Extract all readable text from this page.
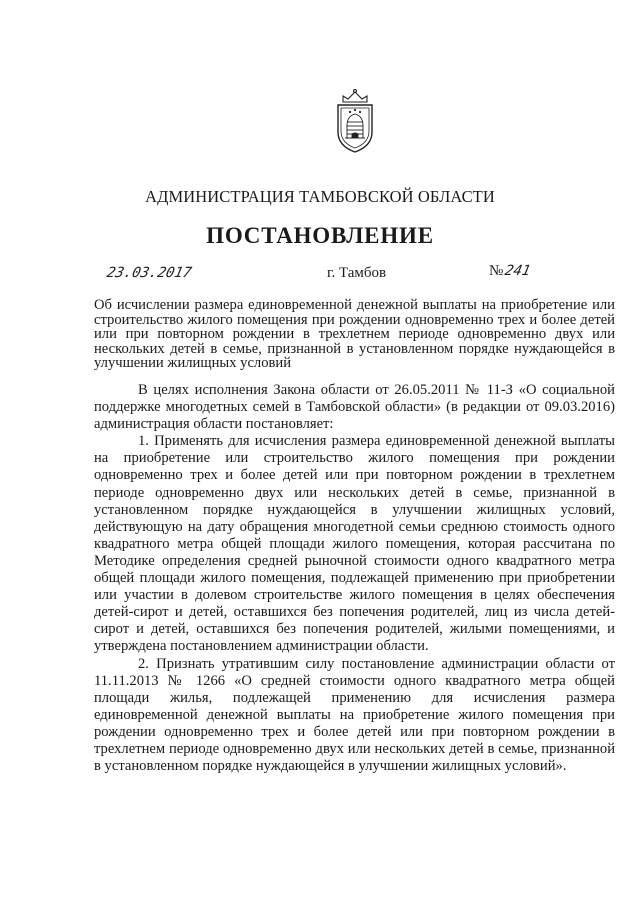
АДМИНИСТРАЦИЯ ТАМБОВСКОЙ ОБЛАСТИ
ПОСТАНОВЛЕНИЕ
23.03.2017	г. Тамбов	№241
Об исчислении размера единовременной денежной выплаты на приобретение или строительство жилого помещения при рождении одновременно трех и более детей или при повторном рождении в трехлетнем периоде одновременно двух или нескольких детей в семье, признанной в установленном порядке нуждающейся в улучшении жилищных условий

В целях исполнения Закона области от 26.05.2011 № 11-З «О социальной поддержке многодетных семей в Тамбовской области» (в редакции от 09.03.2016) администрация области постановляет:

1. Применять для исчисления размера единовременной денежной выплаты на приобретение или строительство жилого помещения при рождении одновременно трех и более детей или при повторном рождении в трехлетнем периоде одновременно двух или нескольких детей в семье, признанной в установленном порядке нуждающейся в улучшении жилищных условий, действующую на дату обращения многодетной семьи среднюю стоимость одного квадратного метра общей площади жилого помещения, которая рассчитана по Методике определения средней рыночной стоимости одного квадратного метра общей площади жилого помещения, подлежащей применению при приобретении или участии в долевом строительстве жилого помещения в целях обеспечения детей-сирот и детей, оставшихся без попечения родителей, лиц из числа детей-сирот и детей, оставшихся без попечения родителей, жилыми помещениями, и утверждена постановлением администрации области.

2. Признать утратившим силу постановление администрации области от 11.11.2013 № 1266 «О средней стоимости одного квадратного метра общей площади жилья, подлежащей применению для исчисления размера единовременной денежной выплаты на приобретение жилого помещения при рождении одновременно трех и более детей или при повторном рождении в трехлетнем периоде одновременно двух или нескольких детей в семье, признанной в установленном порядке нуждающейся в улучшении жилищных условий».
